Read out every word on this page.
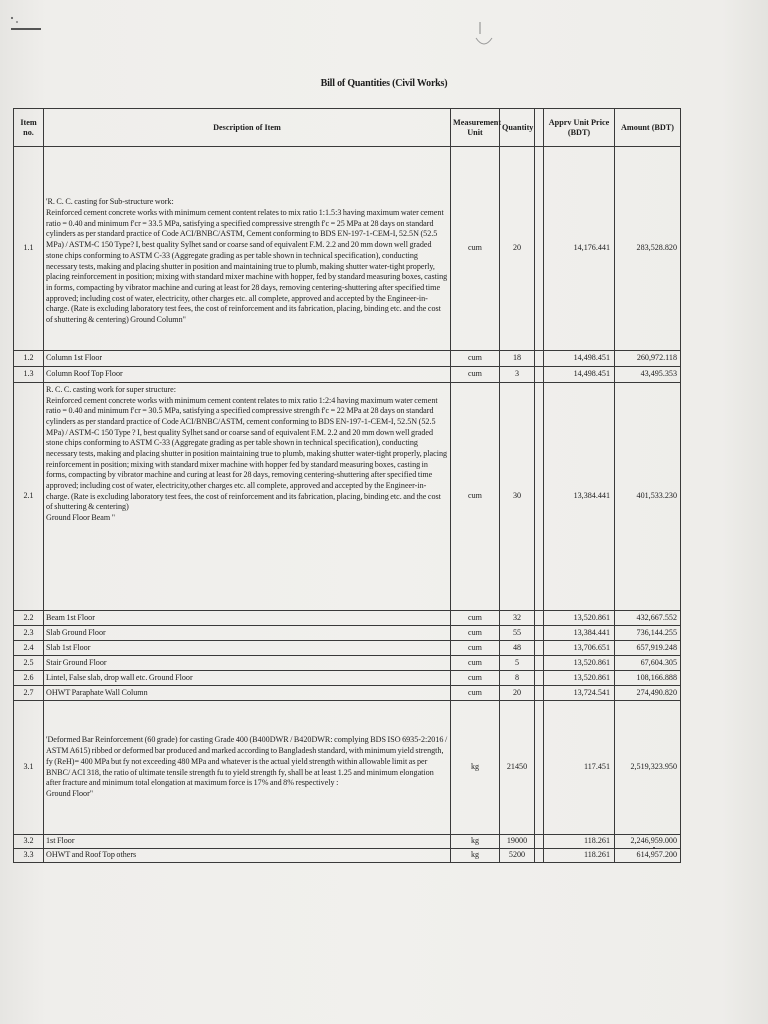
Bill of Quantities (Civil Works)
Item no.	Description of Item	Measurement Unit	Quantity		Apprv Unit Price (BDT)	Amount (BDT)
1.1	'R. C. C. casting for Sub-structure work:
Reinforced cement concrete works with minimum cement content relates to mix ratio 1:1.5:3 having maximum water cement ratio = 0.40 and minimum f'cr = 33.5 MPa, satisfying a specified compressive strength f'c = 25 MPa at 28 days on standard cylinders as per standard practice of Code ACI/BNBC/ASTM, Cement conforming to BDS EN-197-1-CEM-I, 52.5N (52.5 MPa) / ASTM-C 150 Type? I, best quality Sylhet sand or coarse sand of equivalent F.M. 2.2 and 20 mm down well graded stone chips conforming to ASTM C-33 (Aggregate grading as per table shown in technical specification), conducting necessary tests, making and placing shutter in position and maintaining true to plumb, making shutter water-tight properly, placing reinforcement in position; mixing with standard mixer machine with hopper, fed by standard measuring boxes, casting in forms, compacting by vibrator machine and curing at least for 28 days, removing centering-shuttering after specified time approved; including cost of water, electricity, other charges etc. all complete, approved and accepted by the Engineer-in-charge. (Rate is excluding laboratory test fees, the cost of reinforcement and its fabrication, placing, binding etc. and the cost of shuttering & centering) Ground Column"	cum	20		14,176.441	283,528.820
1.2	Column 1st Floor	cum	18		14,498.451	260,972.118
1.3	Column Roof Top Floor	cum	3		14,498.451	43,495.353
2.1	R. C. C. casting work for super structure:
Reinforced cement concrete works with minimum cement content relates to mix ratio 1:2:4 having maximum water cement ratio = 0.40 and minimum f'cr = 30.5 MPa, satisfying a specified compressive strength f'c = 22 MPa at 28 days on standard cylinders as per standard practice of Code ACI/BNBC/ASTM, cement conforming to BDS EN-197-1-CEM-I, 52.5N (52.5 MPa) / ASTM-C 150 Type ? I, best quality Sylhet sand or coarse sand of equivalent F.M. 2.2 and 20 mm down well graded stone chips conforming to ASTM C-33 (Aggregate grading as per table shown in technical specification), conducting necessary tests, making and placing shutter in position maintaining true to plumb, making shutter water-tight properly, placing reinforcement in position; mixing with standard mixer machine with hopper fed by standard measuring boxes, casting in forms, compacting by vibrator machine and curing at least for 28 days, removing centering-shuttering after specified time approved; including cost of water, electricity,other charges etc. all complete, approved and accepted by the Engineer-in-charge. (Rate is excluding laboratory test fees, the cost of reinforcement and its fabrication, placing, binding etc. and the cost of shuttering & centering)
Ground Floor Beam "	cum	30		13,384.441	401,533.230
2.2	Beam 1st Floor	cum	32		13,520.861	432,667.552
2.3	Slab Ground Floor	cum	55		13,384.441	736,144.255
2.4	Slab 1st Floor	cum	48		13,706.651	657,919.248
2.5	Stair Ground Floor	cum	5		13,520.861	67,604.305
2.6	Lintel, False slab, drop wall etc. Ground Floor	cum	8		13,520.861	108,166.888
2.7	OHWT Paraphate Wall Column	cum	20		13,724.541	274,490.820
3.1	'Deformed Bar Reinforcement (60 grade) for casting Grade 400 (B400DWR / B420DWR: complying BDS ISO 6935-2:2016 / ASTM A615) ribbed or deformed bar produced and marked according to Bangladesh standard, with minimum yield strength, fy (ReH)= 400 MPa but fy not exceeding 480 MPa and whatever is the actual yield strength within allowable limit as per BNBC/ ACI 318, the ratio of ultimate tensile strength fu to yield strength fy, shall be at least 1.25 and minimum elongation after fracture and minimum total elongation at maximum force is 17% and 8% respectively :
Ground Floor"	kg	21450		117.451	2,519,323.950
3.2	1st Floor	kg	19000		118.261	2,246,959.000
3.3	OHWT and Roof Top others	kg	5200		118.261	614,957.200
